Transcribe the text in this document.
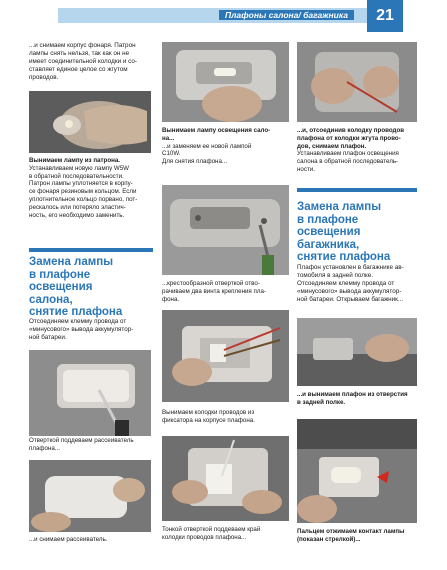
Плафоны салона/ багажника	21
...и снимаем корпус фонаря. Патрон
лампы снять нельзя, так как он не
имеет соединительной колодки и со-
ставляет единое целое со жгутом
проводов.
Вынимаем лампу из патрона.
Устанавливаем новую лампу W5W
в обратной последовательности.
Патрон лампы уплотняется в корпу-
се фонаря резиновым кольцом. Если
уплотнительное кольцо порвано, пот-
рескалось или потеряло эластич-
ность, его необходимо заменить.
Замена лампы
в плафоне освещения
салона,
снятие плафона
Отсоединяем клемму провода от
«минусового» вывода аккумулятор-
ной батареи.
Отверткой поддеваем рассеиватель
плафона...
...и снимаем рассеиватель.
Вынимаем лампу освещения сало-
на...
...и заменяем ее новой лампой
C10W.
Для снятия плафона...
...крестообразной отверткой отво-
рачиваем два винта крепления пла-
фона.
Вынимаем колодки проводов из
фиксатора на корпусе плафона.
Тонкой отверткой поддеваем край
колодки проводов плафона...
...и, отсоединив колодку проводов
плафона от колодки жгута прово-
дов, снимаем плафон.
Устанавливаем плафон освещения
салона в обратной последователь-
ности.
Замена лампы
в плафоне освещения
багажника,
снятие плафона
Плафон установлен в багажнике ав-
томобиля в задней полке.
Отсоединяем клемму провода от
«минусового» вывода аккумулятор-
ной батареи. Открываем багажник...
...и вынимаем плафон из отверстия
в задней полке.
Пальцем отжимаем контакт лампы
(показан стрелкой)...
